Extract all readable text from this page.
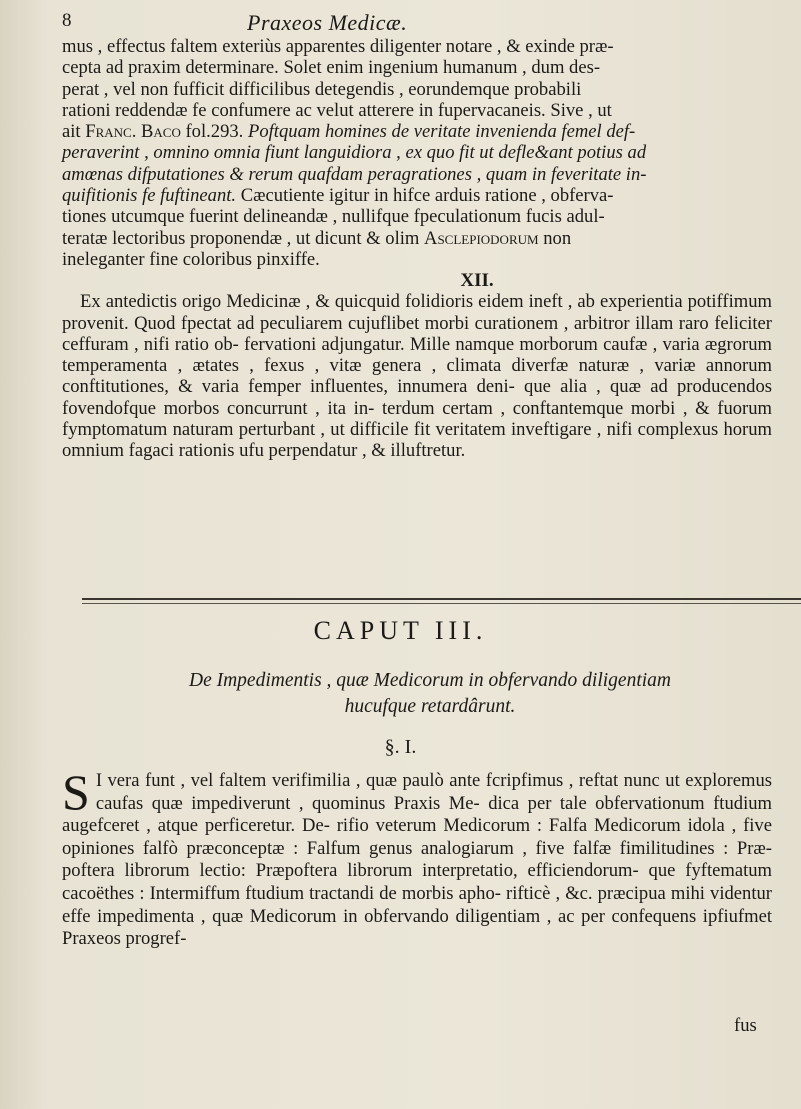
8	Praxeos Medicæ.

mus , effectus faltem exteriùs apparentes diligenter notare , & exinde præ-

cepta ad praxim determinare. Solet enim ingenium humanum , dum des-

perat , vel non fufficit difficilibus detegendis , eorundemque probabili

rationi reddendæ fe confumere ac velut atterere in fupervacaneis. Sive , ut

ait Franc. Baco fol.293. Poftquam homines de veritate invenienda femel def-

peraverint , omnino omnia fiunt languidiora , ex quo fit ut defle&ant potius ad

amœnas difputationes & rerum quafdam peragrationes , quam in feveritate in-

quifitionis fe fuftineant. Cæcutiente igitur in hifce arduis ratione , obferva-

tiones utcumque fuerint delineandæ , nullifque fpeculationum fucis adul-

teratæ lectoribus proponendæ , ut dicunt & olim Asclepiodorum non

ineleganter fine coloribus pinxiffe.

XII.

Ex antedictis origo Medicinæ , & quicquid folidioris eidem ineft , ab experientia potiffimum provenit. Quod fpectat ad peculiarem cujuflibet morbi curationem , arbitror illam raro feliciter ceffuram , nifi ratio ob- fervationi adjungatur. Mille namque morborum caufæ , varia ægrorum temperamenta , ætates , fexus , vitæ genera , climata diverfæ naturæ , variæ annorum conftitutiones, & varia femper influentes, innumera deni- que alia , quæ ad producendos fovendofque morbos concurrunt , ita in- terdum certam , conftantemque morbi , & fuorum fymptomatum naturam perturbant , ut difficile fit veritatem inveftigare , nifi complexus horum omnium fagaci rationis ufu perpendatur , & illuftretur.

CAPUT III.
De Impedimentis , quæ Medicorum in obfervando diligentiam
hucufque retardârunt.
§. I.
S I vera funt , vel faltem verifimilia , quæ paulò ante fcripfimus , reftat nunc ut exploremus caufas quæ impediverunt , quominus Praxis Me- dica per tale obfervationum ftudium augefceret , atque perficeretur. De- rifio veterum Medicorum : Falfa Medicorum idola , five opiniones falfò præconceptæ : Falfum genus analogiarum , five falfæ fimilitudines : Præ- poftera librorum lectio: Præpoftera librorum interpretatio, efficiendorum- que fyftematum cacoëthes : Intermiffum ftudium tractandi de morbis apho- rifticè , &c. præcipua mihi videntur effe impedimenta , quæ Medicorum in obfervando diligentiam , ac per confequens ipfiufmet Praxeos progref-
fus
